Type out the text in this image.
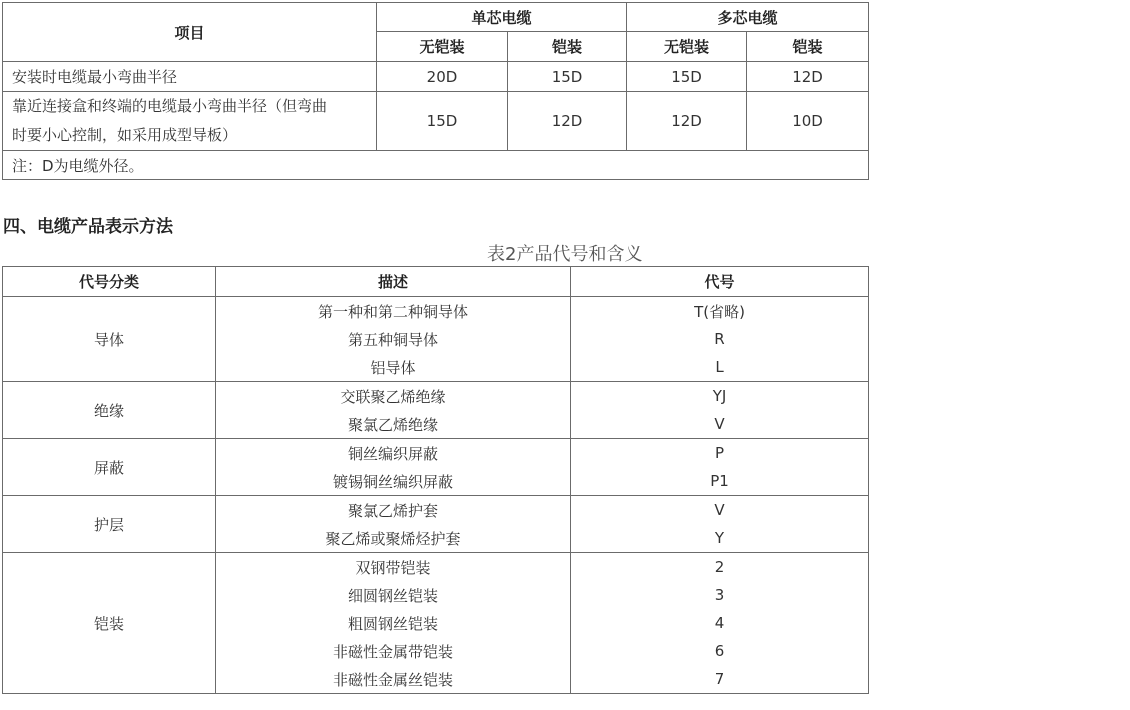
项目	单芯电缆		多芯电缆	
	无铠装	铠装	无铠装	铠装
安装时电缆最小弯曲半径	20D	15D	15D	12D

靠近连接盒和终端的电缆最小弯曲半径（但弯曲
时要小心控制，如采用成型导板）	15D	12D	12D	10D
注：D为电缆外径。				
四、电缆产品表示方法
表2产品代号和含义
代号分类	描述	代号
导体	第一种和第二种铜导体	T(省略)
	第五种铜导体	R
	铝导体	L
绝缘	交联聚乙烯绝缘	YJ
	聚氯乙烯绝缘	V
屏蔽	铜丝编织屏蔽	P
	镀锡铜丝编织屏蔽	P1
护层	聚氯乙烯护套	V
	聚乙烯或聚烯烃护套	Y
铠装	双钢带铠装	2
	细圆钢丝铠装	3
	粗圆钢丝铠装	4
	非磁性金属带铠装	6
	非磁性金属丝铠装	7
